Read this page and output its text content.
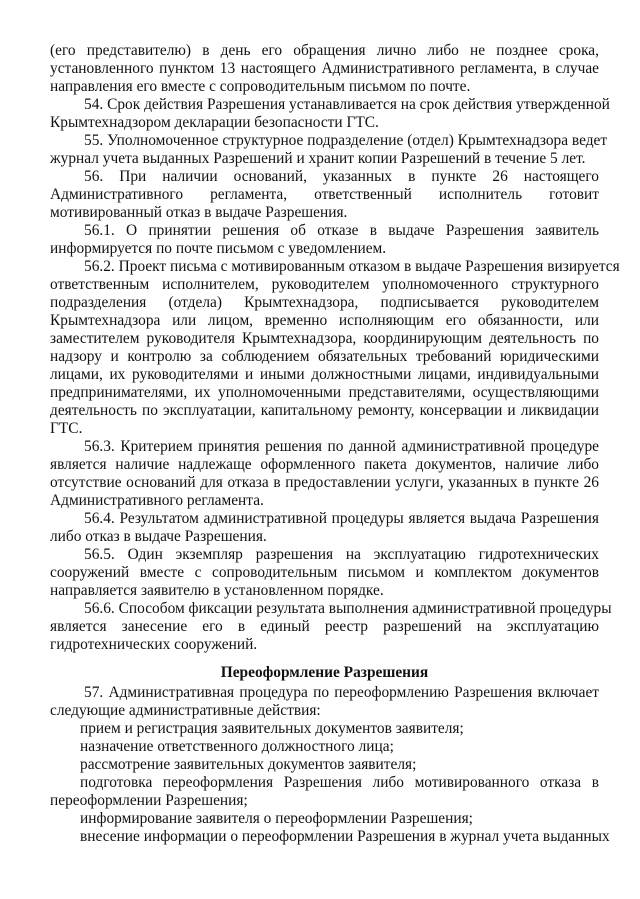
(его представителю) в день его обращения лично либо не позднее срока,
установленного пунктом 13 настоящего Административного регламента, в случае
направления его вместе с сопроводительным письмом по почте.
54. Срок действия Разрешения устанавливается на срок действия утвержденной
Крымтехнадзором декларации безопасности ГТС.
55. Уполномоченное структурное подразделение (отдел) Крымтехнадзора ведет
журнал учета выданных Разрешений и хранит копии Разрешений в течение 5 лет.
56. При наличии оснований, указанных в пункте 26 настоящего
Административного регламента, ответственный исполнитель готовит
мотивированный отказ в выдаче Разрешения.
56.1. О принятии решения об отказе в выдаче Разрешения заявитель
информируется по почте письмом с уведомлением.
56.2. Проект письма с мотивированным отказом в выдаче Разрешения визируется
ответственным исполнителем, руководителем уполномоченного структурного
подразделения (отдела) Крымтехнадзора, подписывается руководителем
Крымтехнадзора или лицом, временно исполняющим его обязанности, или
заместителем руководителя Крымтехнадзора, координирующим деятельность по
надзору и контролю за соблюдением обязательных требований юридическими
лицами, их руководителями и иными должностными лицами, индивидуальными
предпринимателями, их уполномоченными представителями, осуществляющими
деятельность по эксплуатации, капитальному ремонту, консервации и ликвидации
ГТС.
56.3. Критерием принятия решения по данной административной процедуре
является наличие надлежаще оформленного пакета документов, наличие либо
отсутствие оснований для отказа в предоставлении услуги, указанных в пункте 26
Административного регламента.
56.4. Результатом административной процедуры является выдача Разрешения
либо отказ в выдаче Разрешения.
56.5. Один экземпляр разрешения на эксплуатацию гидротехнических
сооружений вместе с сопроводительным письмом и комплектом документов
направляется заявителю в установленном порядке.
56.6. Способом фиксации результата выполнения административной процедуры
является занесение его в единый реестр разрешений на эксплуатацию
гидротехнических сооружений.
Переоформление Разрешения
57. Административная процедура по переоформлению Разрешения включает
следующие административные действия:
прием и регистрация заявительных документов заявителя;
назначение ответственного должностного лица;
рассмотрение заявительных документов заявителя;
подготовка переоформления Разрешения либо мотивированного отказа в
переоформлении Разрешения;
информирование заявителя о переоформлении Разрешения;
внесение информации о переоформлении Разрешения в журнал учета выданных
